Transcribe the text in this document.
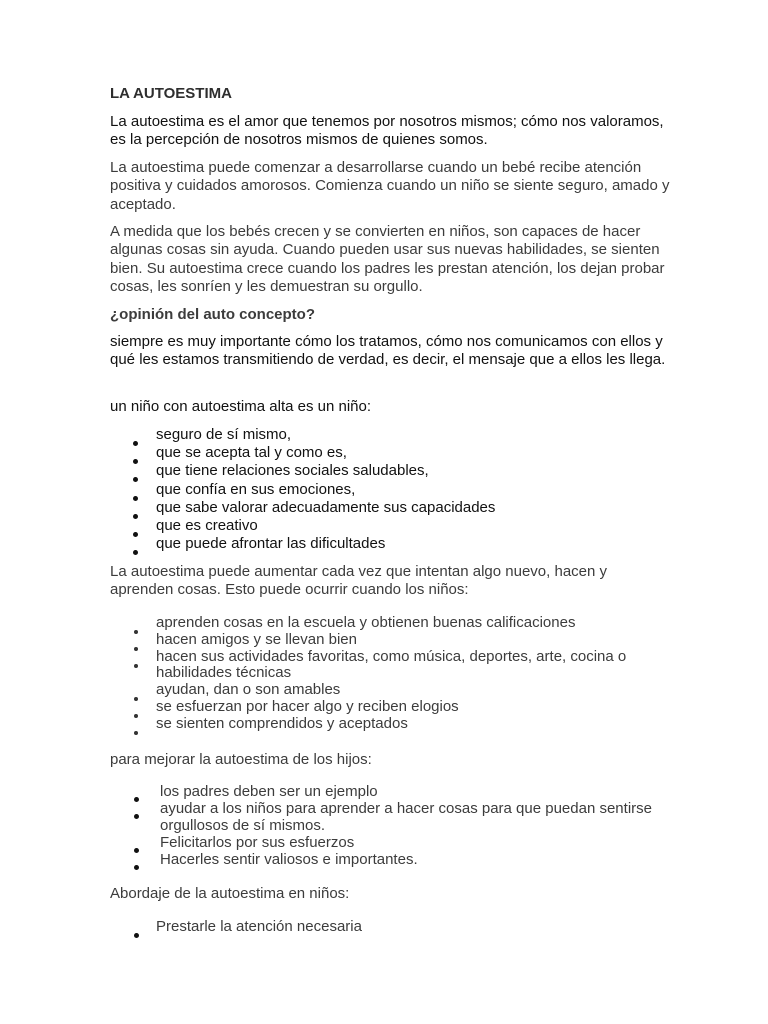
LA AUTOESTIMA

La autoestima es el amor que tenemos por nosotros mismos; cómo nos valoramos, es la percepción de nosotros mismos de quienes somos.

La autoestima puede comenzar a desarrollarse cuando un bebé recibe atención positiva y cuidados amorosos. Comienza cuando un niño se siente seguro, amado y aceptado.

A medida que los bebés crecen y se convierten en niños, son capaces de hacer algunas cosas sin ayuda. Cuando pueden usar sus nuevas habilidades, se sienten bien. Su autoestima crece cuando los padres les prestan atención, los dejan probar cosas, les sonríen y les demuestran su orgullo.

¿opinión del auto concepto?

siempre es muy importante cómo los tratamos, cómo nos comunicamos con ellos y qué les estamos transmitiendo de verdad, es decir, el mensaje que a ellos les llega.

un niño con autoestima alta es un niño:

seguro de sí mismo,
que se acepta tal y como es,
que tiene relaciones sociales saludables,
que confía en sus emociones,
que sabe valorar adecuadamente sus capacidades
que es creativo
que puede afrontar las dificultades

La autoestima puede aumentar cada vez que intentan algo nuevo, hacen y aprenden cosas. Esto puede ocurrir cuando los niños:

aprenden cosas en la escuela y obtienen buenas calificaciones
hacen amigos y se llevan bien
hacen sus actividades favoritas, como música, deportes, arte, cocina o habilidades técnicas
ayudan, dan o son amables
se esfuerzan por hacer algo y reciben elogios
se sienten comprendidos y aceptados

para mejorar la autoestima de los hijos:

los padres deben ser un ejemplo
ayudar a los niños para aprender a hacer cosas para que puedan sentirse orgullosos de sí mismos.
Felicitarlos por sus esfuerzos
Hacerles sentir valiosos e importantes.

Abordaje de la autoestima en niños:

Prestarle la atención necesaria
